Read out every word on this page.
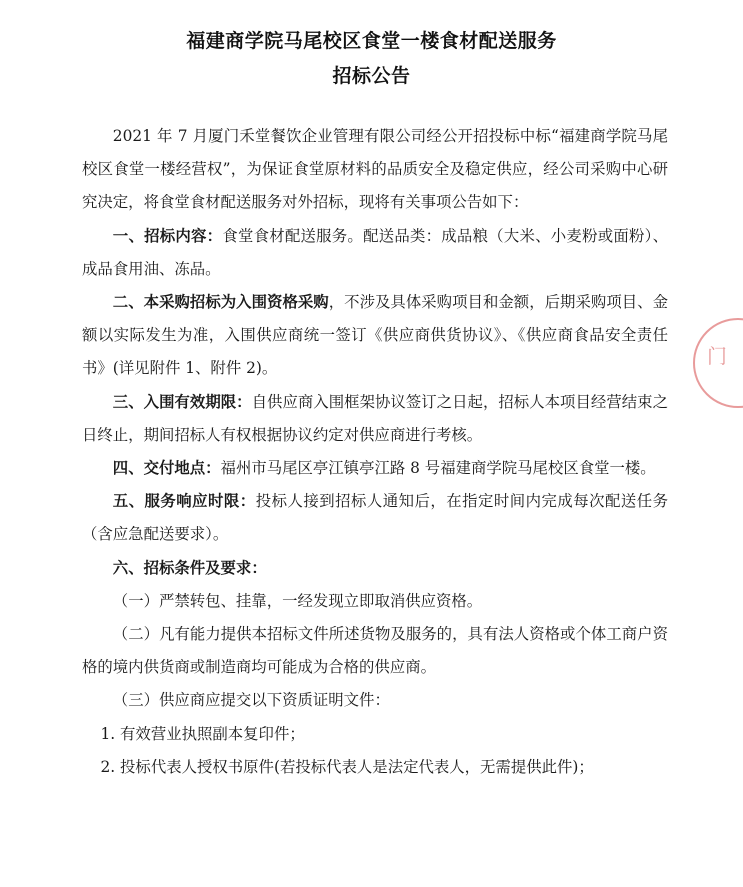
福建商学院马尾校区食堂一楼食材配送服务
招标公告

2021 年 7 月厦门禾堂餐饮企业管理有限公司经公开招投标中标“福建商学院马尾校区食堂一楼经营权”，为保证食堂原材料的品质安全及稳定供应，经公司采购中心研究决定，将食堂食材配送服务对外招标，现将有关事项公告如下：

一、招标内容：食堂食材配送服务。配送品类：成品粮（大米、小麦粉或面粉）、成品食用油、冻品。

二、本采购招标为入围资格采购，不涉及具体采购项目和金额，后期采购项目、金额以实际发生为准，入围供应商统一签订《供应商供货协议》、《供应商食品安全责任书》(详见附件 1、附件 2)。

三、入围有效期限：自供应商入围框架协议签订之日起，招标人本项目经营结束之日终止，期间招标人有权根据协议约定对供应商进行考核。

四、交付地点：福州市马尾区亭江镇亭江路 8 号福建商学院马尾校区食堂一楼。

五、服务响应时限：投标人接到招标人通知后，在指定时间内完成每次配送任务（含应急配送要求）。

六、招标条件及要求：

（一）严禁转包、挂靠，一经发现立即取消供应资格。

（二）凡有能力提供本招标文件所述货物及服务的，具有法人资格或个体工商户资格的境内供货商或制造商均可能成为合格的供应商。

（三）供应商应提交以下资质证明文件：

1. 有效营业执照副本复印件；

2. 投标代表人授权书原件(若投标代表人是法定代表人，无需提供此件)；

门
